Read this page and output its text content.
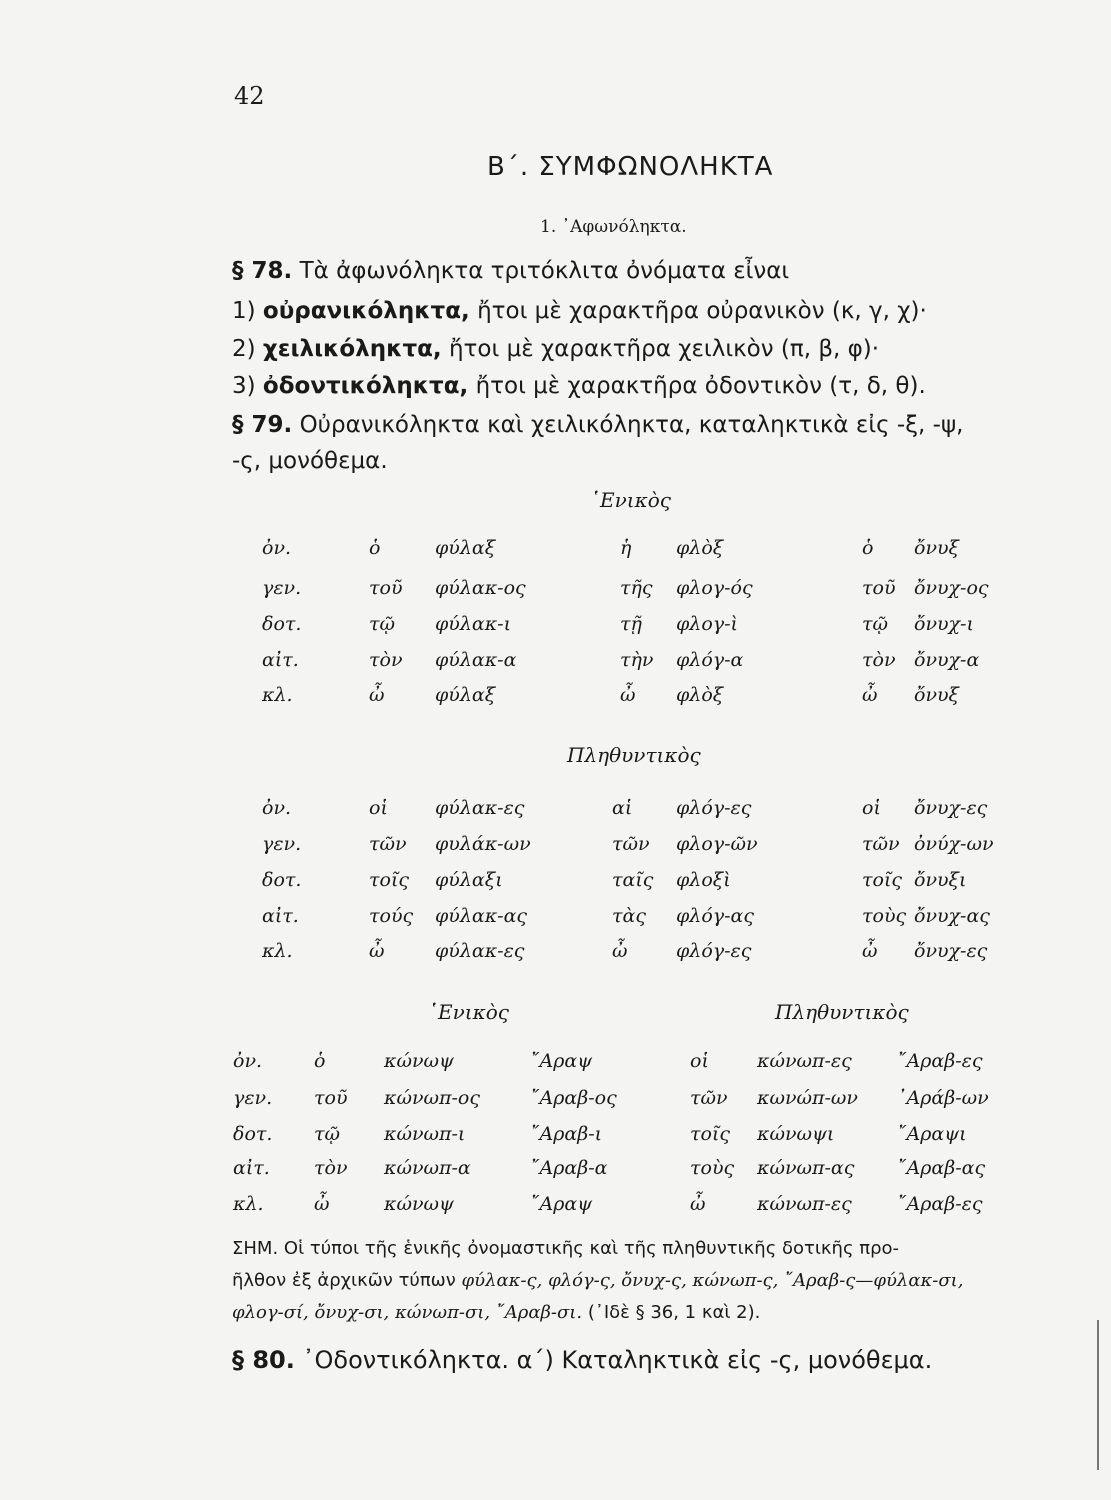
42
Β΄. ΣΥΜΦΩΝΟΛΗΚΤΑ
1. ᾿Αφωνόληκτα.
§ 78. Τὰ ἀφωνόληκτα τριτόκλιτα ὀνόματα εἶναι
1) οὐρανικόληκτα, ἤτοι μὲ χαρακτῆρα οὐρανικὸν (κ, γ, χ)·
2) χειλικόληκτα, ἤτοι μὲ χαρακτῆρα χειλικὸν (π, β, φ)·
3) ὀδοντικόληκτα, ἤτοι μὲ χαρακτῆρα ὀδοντικὸν (τ, δ, θ).
§ 79. Οὐρανικόληκτα καὶ χειλικόληκτα, καταληκτικὰ εἰς -ξ, -ψ,
-ς, μονόθεμα.
῾Ενικὸς
ὀν.	ὁ	φύλαξ	ἡ φλὸξ	ὁ ὄνυξ
γεν.	τοῦ φύλακ-ος	τῆς φλογ-ός	τοῦ ὄνυχ-ος
δοτ.	τῷ φύλακ-ι	τῇ φλογ-ὶ	τῷ ὄνυχ-ι
αἰτ.	τὸν φύλακ-α	τὴν φλόγ-α	τὸν ὄνυχ-α
κλ.	ὦ	φύλαξ	ὦ φλὸξ	ὦ ὄνυξ
Πληθυντικὸς
ὀν.	οἱ φύλακ-ες	αἱ φλόγ-ες	οἱ ὄνυχ-ες
γεν.	τῶν φυλάκ-ων	τῶν φλογ-ῶν	τῶν ὀνύχ-ων
δοτ.	τοῖς φύλαξι	ταῖς φλοξὶ	τοῖς ὄνυξι
αἰτ.	τούς φύλακ-ας	τὰς φλόγ-ας	τοὺς ὄνυχ-ας
κλ.	ὦ	φύλακ-ες	ὦ	φλόγ-ες	ὦ ὄνυχ-ες
῾Ενικὸς	Πληθυντικὸς
ὀν.	ὁ	κώνωψ	῎Αραψ	οἱ	κώνωπ-ες ῎Αραβ-ες
γεν. τοῦ κώνωπ-ος	῎Αραβ-ος	τῶν κωνώπ-ων ᾿Αράβ-ων
δοτ. τῷ κώνωπ-ι	῎Αραβ-ι	τοῖς κώνωψι	῎Αραψι
αἰτ. τὸν κώνωπ-α	῎Αραβ-α	τοὺς κώνωπ-ας ῎Αραβ-ας
κλ.	ὦ	κώνωψ	῎Αραψ	ὦ	κώνωπ-ες ῎Αραβ-ες
ΣΗΜ. Οἱ τύποι τῆς ἑνικῆς ὀνομαστικῆς καὶ τῆς πληθυντικῆς δοτικῆς προ-
ῆλθον ἐξ ἀρχικῶν τύπων φύλακ-ς, φλόγ-ς, ὄνυχ-ς, κώνωπ-ς, ῎Αραβ-ς—φύλακ-σι,
φλογ-σί, ὄνυχ-σι, κώνωπ-σι, ῎Αραβ-σι. (᾿Ιδὲ § 36, 1 καὶ 2).
§ 80. ᾿Οδοντικόληκτα. α΄) Καταληκτικὰ εἰς -ς, μονόθεμα.
